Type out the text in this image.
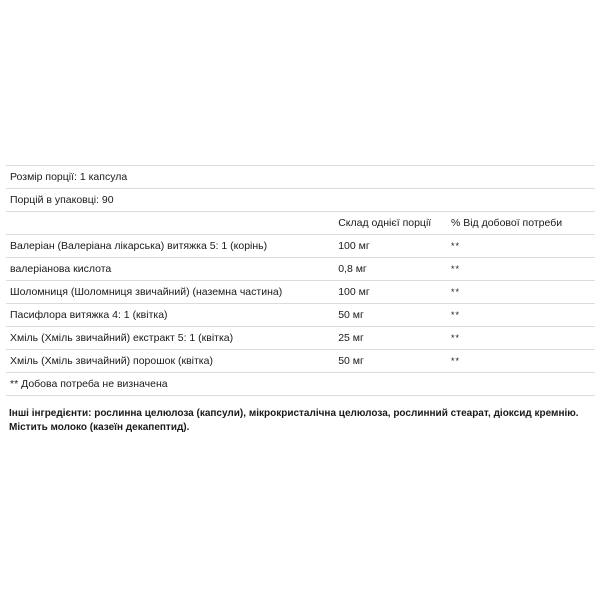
Розмір порції: 1 капсула		
Порцій в упаковці: 90		
	Склад однієї порції	% Від добової потреби
Валеріан (Валеріана лікарська) витяжка 5: 1 (корінь)	100 мг	**
валеріанова кислота	0,8 мг	**
Шоломниця (Шоломниця звичайний) (наземна частина)	100 мг	**
Пасифлора витяжка 4: 1 (квітка)	50 мг	**
Хміль (Хміль звичайний) екстракт 5: 1 (квітка)	25 мг	**
Хміль (Хміль звичайний) порошок (квітка)	50 мг	**
** Добова потреба не визначена		
Інші інгредієнти: рослинна целюлоза (капсули), мікрокристалічна целюлоза, рослинний стеарат, діоксид кремнію. Містить молоко (казеїн декапептид).
